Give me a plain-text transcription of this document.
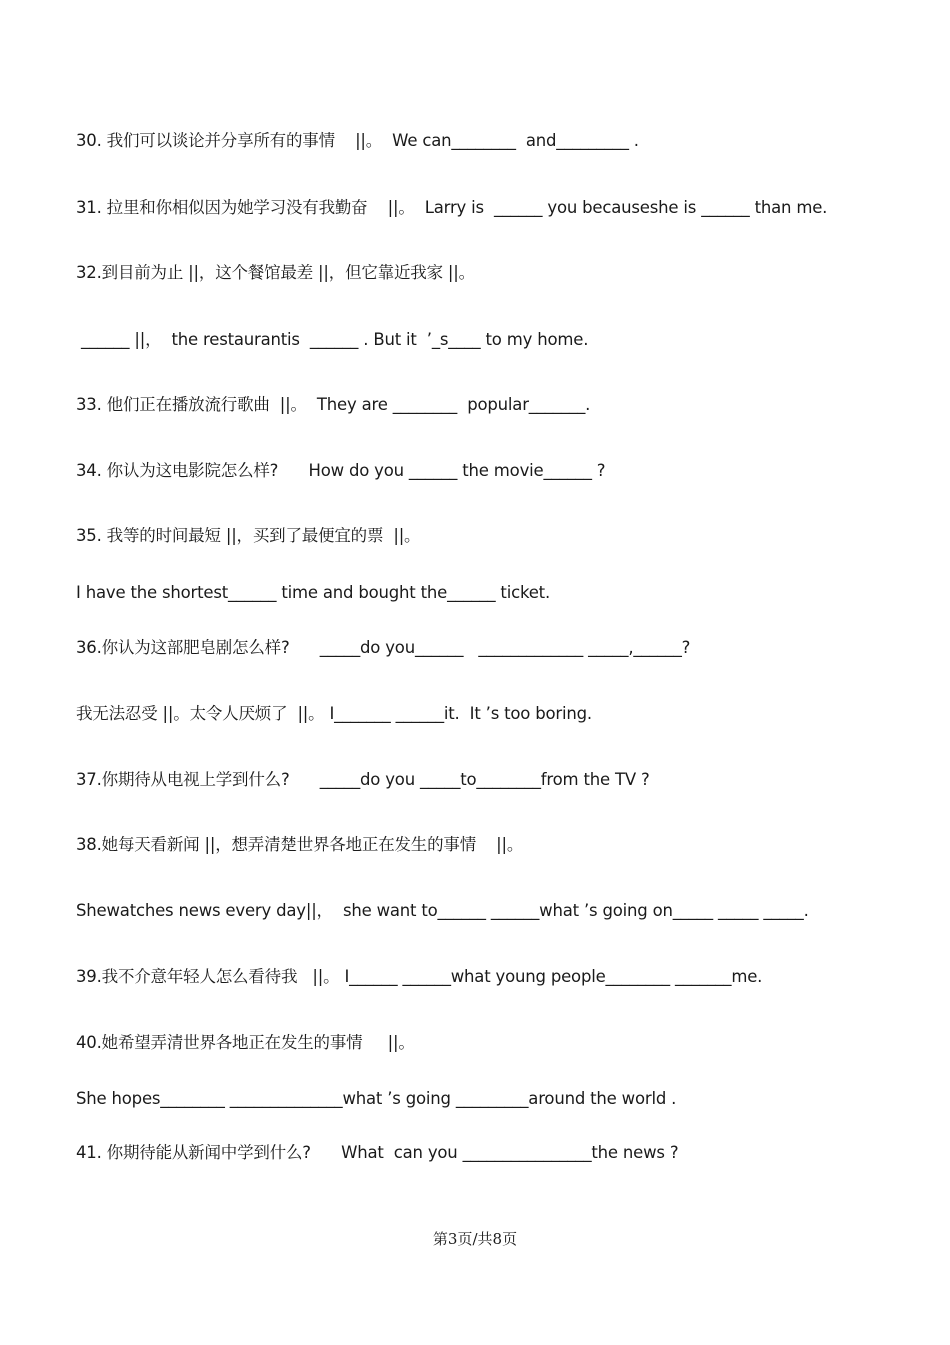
30. 我们可以谈论并分享所有的事情    ||。  We can________  and_________ .
31. 拉里和你相似因为她学习没有我勤奋    ||。  Larry is  ______ you becauseshe is ______ than me.
32.到目前为止 ||，这个餐馆最差 ||，但它靠近我家 ||。
______ ||，  the restaurantis  ______ . But it  ’_s____ to my home.
33. 他们正在播放流行歌曲  ||。  They are ________  popular_______.
34. 你认为这电影院怎么样?      How do you ______ the movie______ ?
35. 我等的时间最短 ||，买到了最便宜的票  ||。
I have the shortest______ time and bought the______ ticket.
36.你认为这部肥皂剧怎么样?      _____do you______   _____________ _____,______?
我无法忍受 ||。太令人厌烦了  ||。 I_______ ______it.  It ’s too boring.
37.你期待从电视上学到什么?      _____do you _____to________from the TV ?
38.她每天看新闻 ||，想弄清楚世界各地正在发生的事情    ||。
Shewatches news every day||，  she want to______ ______what ’s going on_____ _____ _____.
39.我不介意年轻人怎么看待我   ||。 I______ ______what young people________ _______me.
40.她希望弄清世界各地正在发生的事情     ||。
She hopes________ ______________what ’s going _________around the world .
41. 你期待能从新闻中学到什么?      What  can you ________________the news ?
第3页/共8页
